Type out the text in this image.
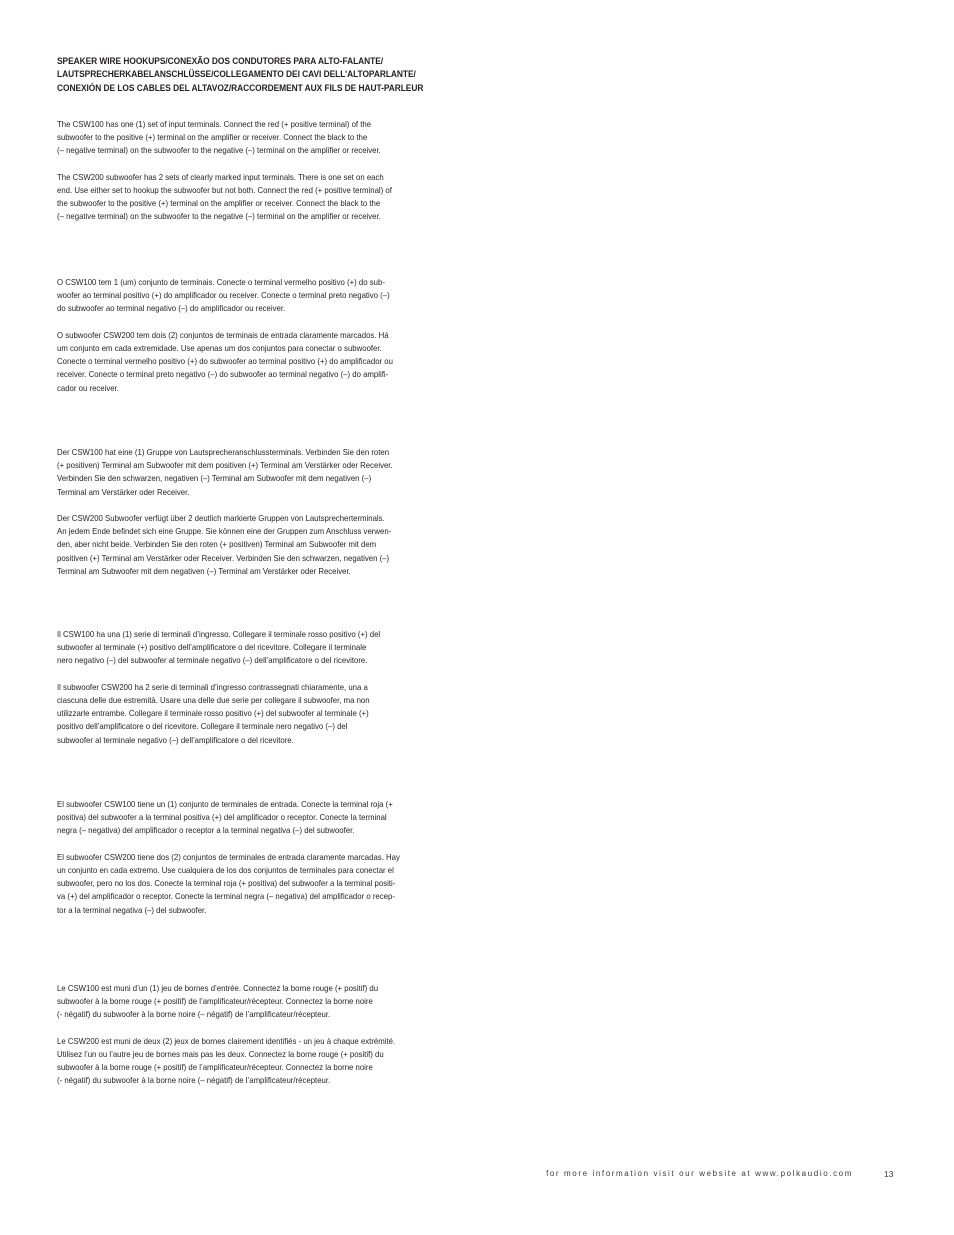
SPEAKER WIRE HOOKUPS/CONEXÃO DOS CONDUTORES PARA ALTO-FALANTE/
LAUTSPRECHERKABELANSCHLÜSSE/COLLEGAMENTO DEI CAVI DELL’ALTOPARLANTE/
CONEXIÓN DE LOS CABLES DEL ALTAVOZ/RACCORDEMENT AUX FILS DE HAUT-PARLEUR
The CSW100 has one (1) set of input terminals. Connect the red (+ positive terminal) of the
subwoofer to the positive (+) terminal on the amplifier or receiver. Connect the black to the
(– negative terminal) on the subwoofer to the negative (–) terminal on the amplifier or receiver.
The CSW200 subwoofer has 2 sets of clearly marked input terminals. There is one set on each
end. Use either set to hookup the subwoofer but not both. Connect the red (+ positive terminal) of
the subwoofer to the positive (+) terminal on the amplifier or receiver. Connect the black to the
(– negative terminal) on the subwoofer to the negative (–) terminal on the amplifier or receiver.
O CSW100 tem 1 (um) conjunto de terminais. Conecte o terminal vermelho positivo (+) do sub-
woofer ao terminal positivo (+) do amplificador ou receiver. Conecte o terminal preto negativo (–)
do subwoofer ao terminal negativo (–) do amplificador ou receiver.
O subwoofer CSW200 tem dois (2) conjuntos de terminais de entrada claramente marcados. Há
um conjunto em cada extremidade. Use apenas um dos conjuntos para conectar o subwoofer.
Conecte o terminal vermelho positivo (+) do subwoofer ao terminal positivo (+) do amplificador ou
receiver. Conecte o terminal preto negativo (–) do subwoofer ao terminal negativo (–) do amplifi-
cador ou receiver.
Der CSW100 hat eine (1) Gruppe von Lautsprecheranschlussterminals. Verbinden Sie den roten
(+ positiven) Terminal am Subwoofer mit dem positiven (+) Terminal am Verstärker oder Receiver.
Verbinden Sie den schwarzen, negativen (–) Terminal am Subwoofer mit dem negativen (–)
Terminal am Verstärker oder Receiver.
Der CSW200 Subwoofer verfügt über 2 deutlich markierte Gruppen von Lautsprecherterminals.
An jedem Ende befindet sich eine Gruppe. Sie können eine der Gruppen zum Anschluss verwen-
den, aber nicht beide. Verbinden Sie den roten (+ positiven) Terminal am Subwoofer mit dem
positiven (+) Terminal am Verstärker oder Receiver. Verbinden Sie den schwarzen, negativen (–)
Terminal am Subwoofer mit dem negativen (–) Terminal am Verstärker oder Receiver.
Il CSW100 ha una (1) serie di terminali d’ingresso. Collegare il terminale rosso positivo (+) del
subwoofer al terminale (+) positivo dell’amplificatore o del ricevitore. Collegare il terminale
nero negativo (–) del subwoofer al terminale negativo (–) dell’amplificatore o del ricevitore.
Il subwoofer CSW200 ha 2 serie di terminali d’ingresso contrassegnati chiaramente, una a
ciascuna delle due estremità. Usare una delle due serie per collegare il subwoofer, ma non
utilizzarle entrambe. Collegare il terminale rosso positivo (+) del subwoofer al terminale (+)
positivo dell’amplificatore o del ricevitore. Collegare il terminale nero negativo (–) del
subwoofer al terminale negativo (–) dell’amplificatore o del ricevitore.
El subwoofer CSW100 tiene un (1) conjunto de terminales de entrada. Conecte la terminal roja (+
positiva) del subwoofer a la terminal positiva (+) del amplificador o receptor. Conecte la terminal
negra (– negativa) del amplificador o receptor a la terminal negativa (–) del subwoofer.
El subwoofer CSW200 tiene dos (2) conjuntos de terminales de entrada claramente marcadas. Hay
un conjunto en cada extremo. Use cualquiera de los dos conjuntos de terminales para conectar el
subwoofer, pero no los dos. Conecte la terminal roja (+ positiva) del subwoofer a la terminal positi-
va (+) del amplificador o receptor. Conecte la terminal negra (– negativa) del amplificador o recep-
tor a la terminal negativa (–) del subwoofer.
Le CSW100 est muni d’un (1) jeu de bornes d’entrée. Connectez la borne rouge (+ positif) du
subwoofer à la borne rouge (+ positif) de l’amplificateur/récepteur. Connectez la borne noire
(- négatif) du subwoofer à la borne noire (– négatif) de l’amplificateur/récepteur.
Le CSW200 est muni de deux (2) jeux de bornes clairement identifiés - un jeu à chaque extrémité.
Utilisez l’un ou l’autre jeu de bornes mais pas les deux. Connectez la borne rouge (+ positif) du
subwoofer à la borne rouge (+ positif) de l’amplificateur/récepteur. Connectez la borne noire
(- négatif) du subwoofer à la borne noire (– négatif) de l’amplificateur/récepteur.
for more information visit our website at www.polkaudio.com	13
